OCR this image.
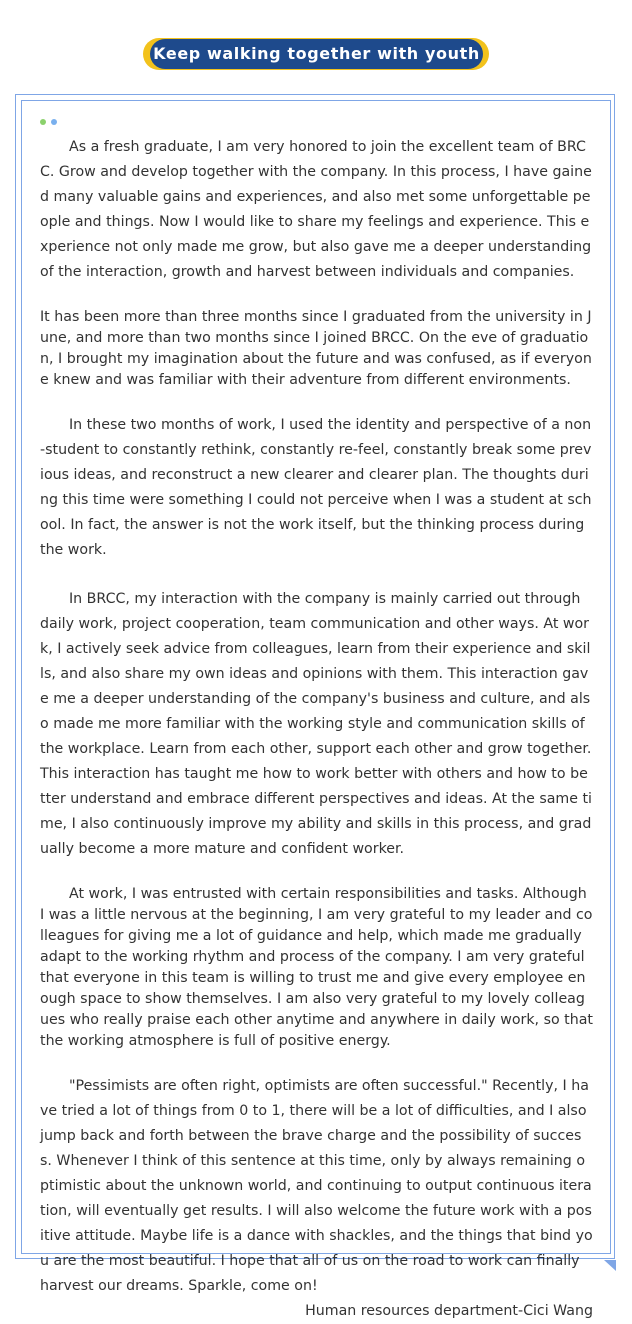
Keep walking together with youth

As a fresh graduate, I am very honored to join the excellent team of BRCC. Grow and develop together with the company. In this process, I have gained many valuable gains and experiences, and also met some unforgettable people and things. Now I would like to share my feelings and experience. This experience not only made me grow, but also gave me a deeper understanding of the interaction, growth and harvest between individuals and companies.

It has been more than three months since I graduated from the university in June, and more than two months since I joined BRCC. On the eve of graduation, I brought my imagination about the future and was confused, as if everyone knew and was familiar with their adventure from different environments.

In these two months of work, I used the identity and perspective of a non-student to constantly rethink, constantly re-feel, constantly break some previous ideas, and reconstruct a new clearer and clearer plan. The thoughts during this time were something I could not perceive when I was a student at school. In fact, the answer is not the work itself, but the thinking process during the work.

In BRCC, my interaction with the company is mainly carried out through daily work, project cooperation, team communication and other ways. At work, I actively seek advice from colleagues, learn from their experience and skills, and also share my own ideas and opinions with them. This interaction gave me a deeper understanding of the company's business and culture, and also made me more familiar with the working style and communication skills of the workplace. Learn from each other, support each other and grow together. This interaction has taught me how to work better with others and how to better understand and embrace different perspectives and ideas. At the same time, I also continuously improve my ability and skills in this process, and gradually become a more mature and confident worker.

At work, I was entrusted with certain responsibilities and tasks. Although I was a little nervous at the beginning, I am very grateful to my leader and colleagues for giving me a lot of guidance and help, which made me gradually adapt to the working rhythm and process of the company. I am very grateful that everyone in this team is willing to trust me and give every employee enough space to show themselves. I am also very grateful to my lovely colleagues who really praise each other anytime and anywhere in daily work, so that the working atmosphere is full of positive energy.

"Pessimists are often right, optimists are often successful." Recently, I have tried a lot of things from 0 to 1, there will be a lot of difficulties, and I also jump back and forth between the brave charge and the possibility of success. Whenever I think of this sentence at this time, only by always remaining optimistic about the unknown world, and continuing to output continuous iteration, will eventually get results. I will also welcome the future work with a positive attitude. Maybe life is a dance with shackles, and the things that bind you are the most beautiful. I hope that all of us on the road to work can finally harvest our dreams. Sparkle, come on!

Human resources department-Cici Wang
